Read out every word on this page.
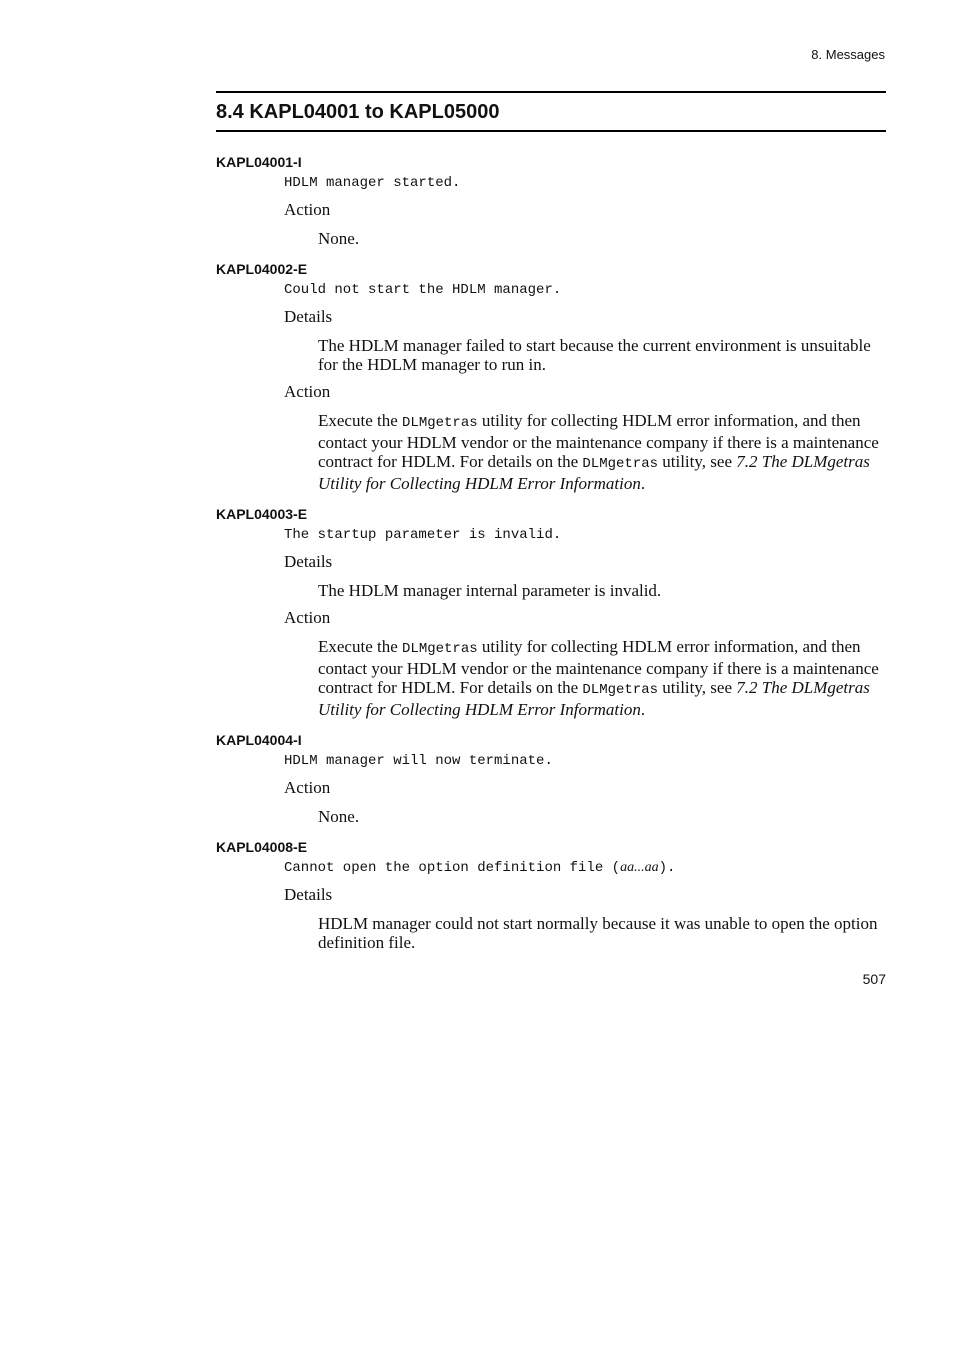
8. Messages
8.4 KAPL04001 to KAPL05000

KAPL04001-I

HDLM manager started.
Action
None.

KAPL04002-E

Could not start the HDLM manager.
Details
The HDLM manager failed to start because the current environment is unsuitable for the HDLM manager to run in.
Action
Execute the DLMgetras utility for collecting HDLM error information, and then contact your HDLM vendor or the maintenance company if there is a maintenance contract for HDLM. For details on the DLMgetras utility, see 7.2 The DLMgetras Utility for Collecting HDLM Error Information.

KAPL04003-E

The startup parameter is invalid.
Details
The HDLM manager internal parameter is invalid.
Action
Execute the DLMgetras utility for collecting HDLM error information, and then contact your HDLM vendor or the maintenance company if there is a maintenance contract for HDLM. For details on the DLMgetras utility, see 7.2 The DLMgetras Utility for Collecting HDLM Error Information.

KAPL04004-I

HDLM manager will now terminate.
Action
None.

KAPL04008-E

Cannot open the option definition file (aa...aa).
Details
HDLM manager could not start normally because it was unable to open the option definition file.
507
